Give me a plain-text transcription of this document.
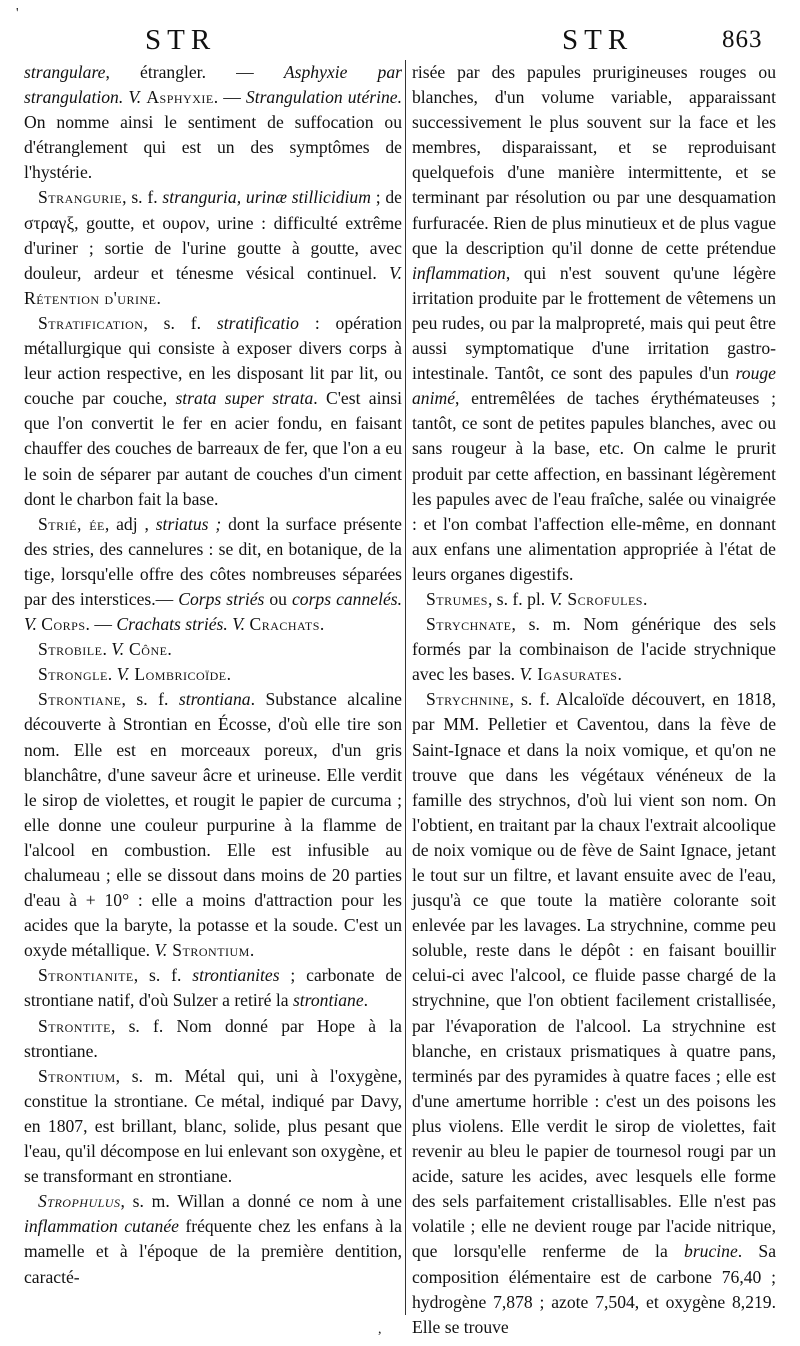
STR	STR	863

strangulare, étrangler. — Asphyxie par strangulation. V. Asphyxie. — Strangulation utérine. On nomme ainsi le sentiment de suffocation ou d'étranglement qui est un des symptômes de l'hystérie.

Strangurie, s. f. stranguria, urinæ stillicidium ; de στραγξ, goutte, et ουρον, urine : difficulté extrême d'uriner ; sortie de l'urine goutte à goutte, avec douleur, ardeur et ténesme vésical continuel. V. Rétention d'urine.

Stratification, s. f. stratificatio : opération métallurgique qui consiste à exposer divers corps à leur action respective, en les disposant lit par lit, ou couche par couche, strata super strata. C'est ainsi que l'on convertit le fer en acier fondu, en faisant chauffer des couches de barreaux de fer, que l'on a eu le soin de séparer par autant de couches d'un ciment dont le charbon fait la base.

Strié, ée, adj , striatus ; dont la surface présente des stries, des cannelures : se dit, en botanique, de la tige, lorsqu'elle offre des côtes nombreuses séparées par des interstices.— Corps striés ou corps cannelés. V. Corps. — Crachats striés. V. Crachats.

Strobile. V. Cône.

Strongle. V. Lombricoïde.

Strontiane, s. f. strontiana. Substance alcaline découverte à Strontian en Écosse, d'où elle tire son nom. Elle est en morceaux poreux, d'un gris blanchâtre, d'une saveur âcre et urineuse. Elle verdit le sirop de violettes, et rougit le papier de curcuma ; elle donne une couleur purpurine à la flamme de l'alcool en combustion. Elle est infusible au chalumeau ; elle se dissout dans moins de 20 parties d'eau à + 10° : elle a moins d'attraction pour les acides que la baryte, la potasse et la soude. C'est un oxyde métallique. V. Strontium.

Strontianite, s. f. strontianites ; carbonate de strontiane natif, d'où Sulzer a retiré la strontiane.

Strontite, s. f. Nom donné par Hope à la strontiane.

Strontium, s. m. Métal qui, uni à l'oxygène, constitue la strontiane. Ce métal, indiqué par Davy, en 1807, est brillant, blanc, solide, plus pesant que l'eau, qu'il décompose en lui enlevant son oxygène, et se transformant en strontiane.

Strophulus, s. m. Willan a donné ce nom à une inflammation cutanée fréquente chez les enfans à la mamelle et à l'époque de la première dentition, caracté-

risée par des papules prurigineuses rouges ou blanches, d'un volume variable, apparaissant successivement le plus souvent sur la face et les membres, disparaissant, et se reproduisant quelquefois d'une manière intermittente, et se terminant par résolution ou par une desquamation furfuracée. Rien de plus minutieux et de plus vague que la description qu'il donne de cette prétendue inflammation, qui n'est souvent qu'une légère irritation produite par le frottement de vêtemens un peu rudes, ou par la malpropreté, mais qui peut être aussi symptomatique d'une irritation gastro-intestinale. Tantôt, ce sont des papules d'un rouge animé, entremêlées de taches érythémateuses ; tantôt, ce sont de petites papules blanches, avec ou sans rougeur à la base, etc. On calme le prurit produit par cette affection, en bassinant légèrement les papules avec de l'eau fraîche, salée ou vinaigrée : et l'on combat l'affection elle-même, en donnant aux enfans une alimentation appropriée à l'état de leurs organes digestifs.

Strumes, s. f. pl. V. Scrofules.

Strychnate, s. m. Nom générique des sels formés par la combinaison de l'acide strychnique avec les bases. V. Igasurates.

Strychnine, s. f. Alcaloïde découvert, en 1818, par MM. Pelletier et Caventou, dans la fève de Saint-Ignace et dans la noix vomique, et qu'on ne trouve que dans les végétaux vénéneux de la famille des strychnos, d'où lui vient son nom. On l'obtient, en traitant par la chaux l'extrait alcoolique de noix vomique ou de fève de Saint Ignace, jetant le tout sur un filtre, et lavant ensuite avec de l'eau, jusqu'à ce que toute la matière colorante soit enlevée par les lavages. La strychnine, comme peu soluble, reste dans le dépôt : en faisant bouillir celui-ci avec l'alcool, ce fluide passe chargé de la strychnine, que l'on obtient facilement cristallisée, par l'évaporation de l'alcool. La strychnine est blanche, en cristaux prismatiques à quatre pans, terminés par des pyramides à quatre faces ; elle est d'une amertume horrible : c'est un des poisons les plus violens. Elle verdit le sirop de violettes, fait revenir au bleu le papier de tournesol rougi par un acide, sature les acides, avec lesquels elle forme des sels parfaitement cristallisables. Elle n'est pas volatile ; elle ne devient rouge par l'acide nitrique, que lorsqu'elle renferme de la brucine. Sa composition élémentaire est de carbone 76,40 ; hydrogène 7,878 ; azote 7,504, et oxygène 8,219. Elle se trouve

'
,
